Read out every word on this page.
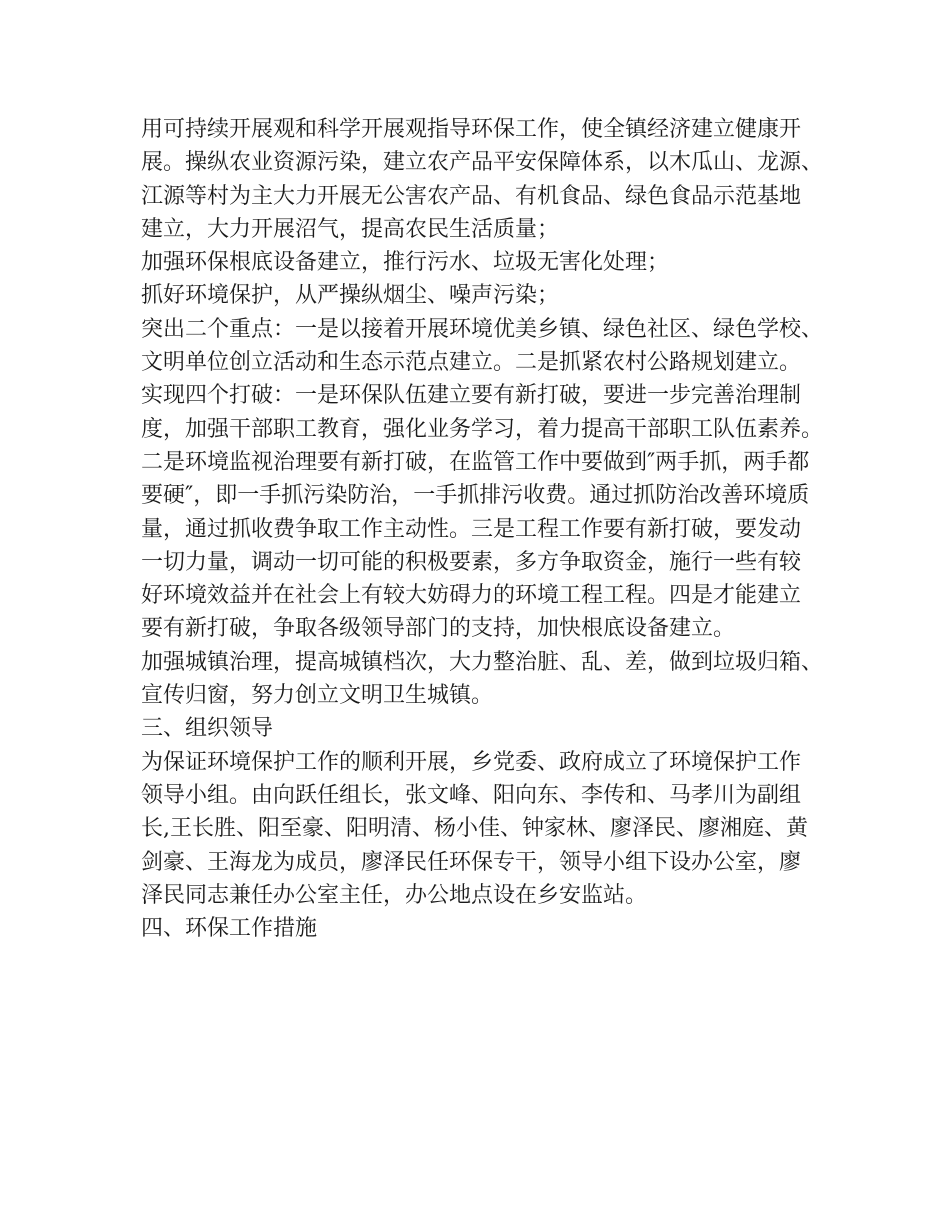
用可持续开展观和科学开展观指导环保工作，使全镇经济建立健康开
展。操纵农业资源污染，建立农产品平安保障体系，以木瓜山、龙源、
江源等村为主大力开展无公害农产品、有机食品、绿色食品示范基地
建立，大力开展沼气，提高农民生活质量；
加强环保根底设备建立，推行污水、垃圾无害化处理；
抓好环境保护，从严操纵烟尘、噪声污染；
突出二个重点：一是以接着开展环境优美乡镇、绿色社区、绿色学校、
文明单位创立活动和生态示范点建立。二是抓紧农村公路规划建立。
实现四个打破：一是环保队伍建立要有新打破，要进一步完善治理制
度，加强干部职工教育，强化业务学习，着力提高干部职工队伍素养。
二是环境监视治理要有新打破，在监管工作中要做到″两手抓，两手都
要硬″，即一手抓污染防治，一手抓排污收费。通过抓防治改善环境质
量，通过抓收费争取工作主动性。三是工程工作要有新打破，要发动
一切力量，调动一切可能的积极要素，多方争取资金，施行一些有较
好环境效益并在社会上有较大妨碍力的环境工程工程。四是才能建立
要有新打破，争取各级领导部门的支持，加快根底设备建立。
加强城镇治理，提高城镇档次，大力整治脏、乱、差，做到垃圾归箱、
宣传归窗，努力创立文明卫生城镇。
三、组织领导
为保证环境保护工作的顺利开展，乡党委、政府成立了环境保护工作
领导小组。由向跃任组长，张文峰、阳向东、李传和、马孝川为副组
长,王长胜、阳至豪、阳明清、杨小佳、钟家林、廖泽民、廖湘庭、黄
剑豪、王海龙为成员，廖泽民任环保专干，领导小组下设办公室，廖
泽民同志兼任办公室主任，办公地点设在乡安监站。
四、环保工作措施
